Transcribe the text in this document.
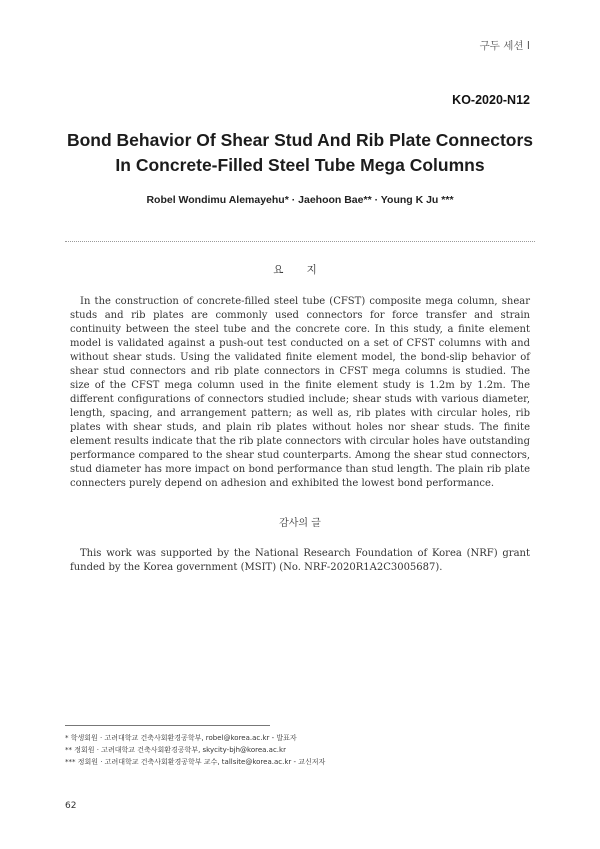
구두 세션 Ⅰ
KO-2020-N12
Bond Behavior Of Shear Stud And Rib Plate Connectors
In Concrete-Filled Steel Tube Mega Columns
Robel Wondimu Alemayehu* · Jaehoon Bae** · Young K Ju ***
요 지

In the construction of concrete-filled steel tube (CFST) composite mega column, shear studs and rib plates are commonly used connectors for force transfer and strain continuity between the steel tube and the concrete core. In this study, a finite element model is validated against a push-out test conducted on a set of CFST columns with and without shear studs. Using the validated finite element model, the bond-slip behavior of shear stud connectors and rib plate connectors in CFST mega columns is studied. The size of the CFST mega column used in the finite element study is 1.2m by 1.2m. The different configurations of connectors studied include; shear studs with various diameter, length, spacing, and arrangement pattern; as well as, rib plates with circular holes, rib plates with shear studs, and plain rib plates without holes nor shear studs. The finite element results indicate that the rib plate connectors with circular holes have outstanding performance compared to the shear stud counterparts. Among the shear stud connectors, stud diameter has more impact on bond performance than stud length. The plain rib plate connecters purely depend on adhesion and exhibited the lowest bond performance.

감사의 글

This work was supported by the National Research Foundation of Korea (NRF) grant funded by the Korea government (MSIT) (No. NRF-2020R1A2C3005687).

* 학생회원 · 고려대학교 건축사회환경공학부, robel@korea.ac.kr - 발표자
** 정회원 · 고려대학교 건축사회환경공학부, skycity-bjh@korea.ac.kr
*** 정회원 · 고려대학교 건축사회환경공학부 교수, tallsite@korea.ac.kr - 교신저자
62
